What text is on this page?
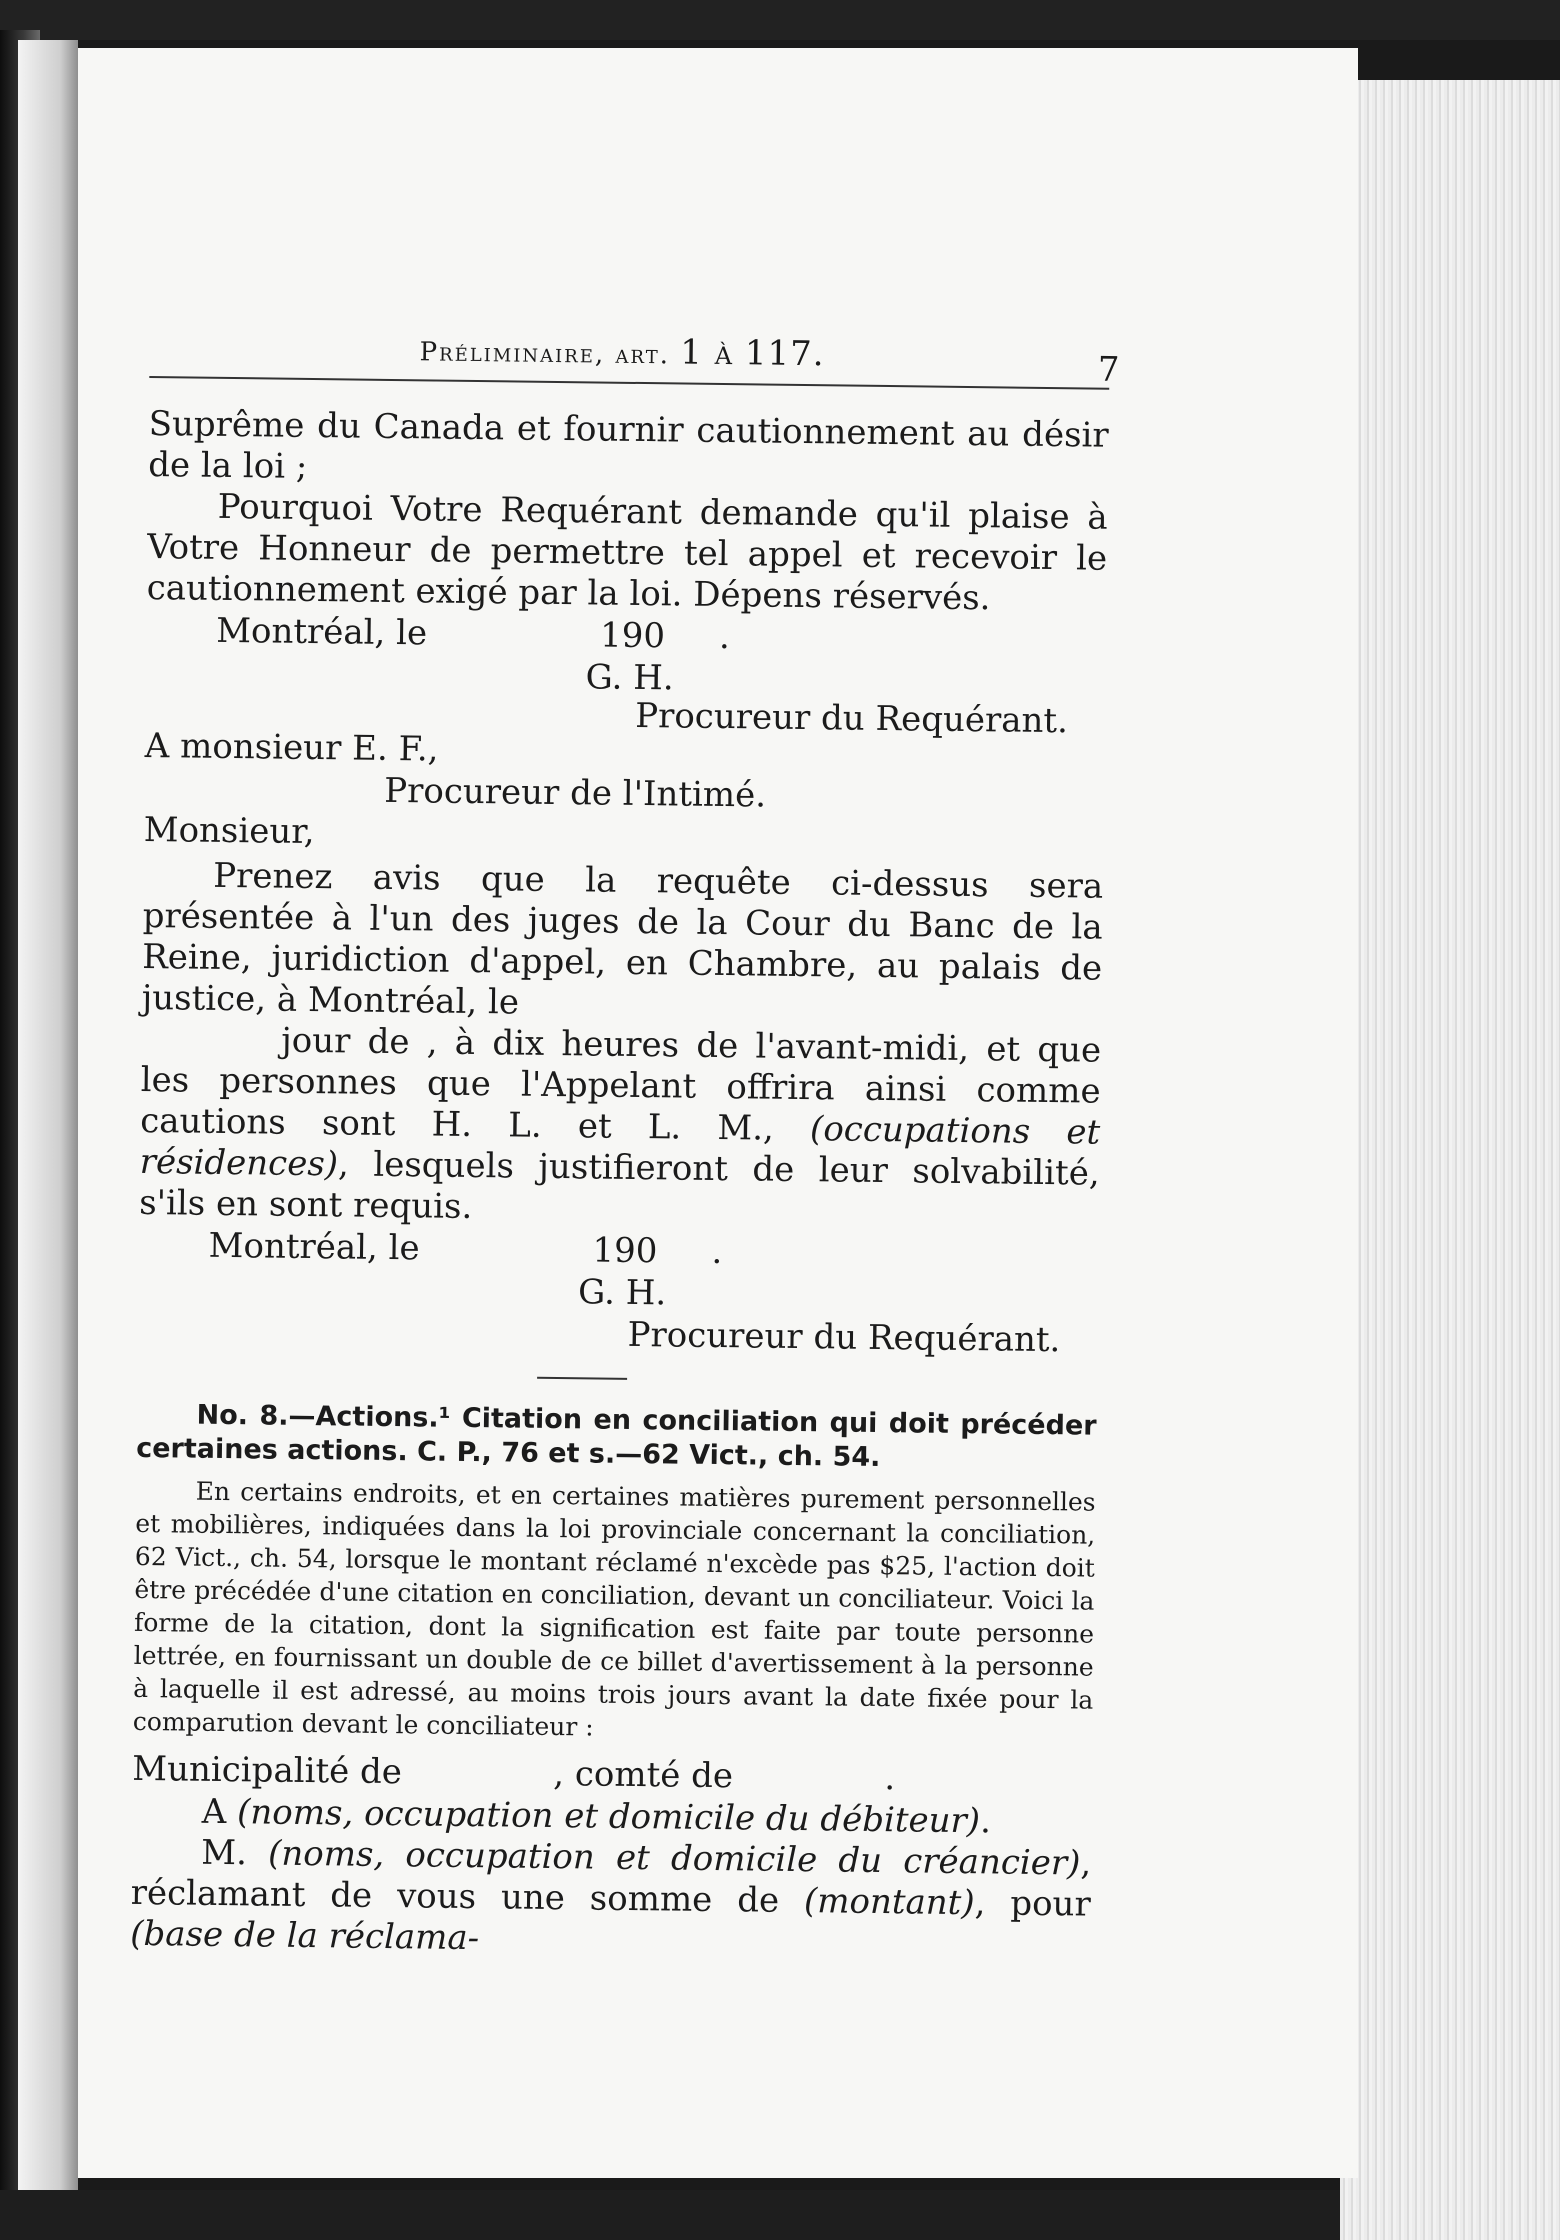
Préliminaire, art. 1 à 117.	7

Suprême du Canada et fournir cautionnement au désir de la loi ;

Pourquoi Votre Requérant demande qu'il plaise à Votre Honneur de permettre tel appel et recevoir le cautionnement exigé par la loi. Dépens réservés.

Montréal, le                190     .

G. H.

Procureur du Requérant.

A monsieur E. F.,

Procureur de l'Intimé.

Monsieur,

Prenez avis que la requête ci-dessus sera présentée à l'un des juges de la Cour du Banc de la Reine, juridiction d'appel, en Chambre, au palais de justice, à Montréal, le

jour de , à dix heures de l'avant-midi, et que les personnes que l'Appelant offrira ainsi comme cautions sont H. L. et L. M., (occupations et résidences), lesquels justifieront de leur solvabilité, s'ils en sont requis.

Montréal, le                190     .

G. H.

Procureur du Requérant.

No. 8.—Actions.¹ Citation en conciliation qui doit précéder certaines actions. C. P., 76 et s.—62 Vict., ch. 54.

En certains endroits, et en certaines matières purement personnelles et mobilières, indiquées dans la loi provinciale concernant la conciliation, 62 Vict., ch. 54, lorsque le montant réclamé n'excède pas $25, l'action doit être précédée d'une citation en conciliation, devant un conciliateur. Voici la forme de la citation, dont la signification est faite par toute personne lettrée, en fournissant un double de ce billet d'avertissement à la personne à laquelle il est adressé, au moins trois jours avant la date fixée pour la comparution devant le conciliateur :

Municipalité de              , comté de              .

A (noms, occupation et domicile du débiteur).

M. (noms, occupation et domicile du créancier), réclamant de vous une somme de (montant), pour (base de la réclama-
